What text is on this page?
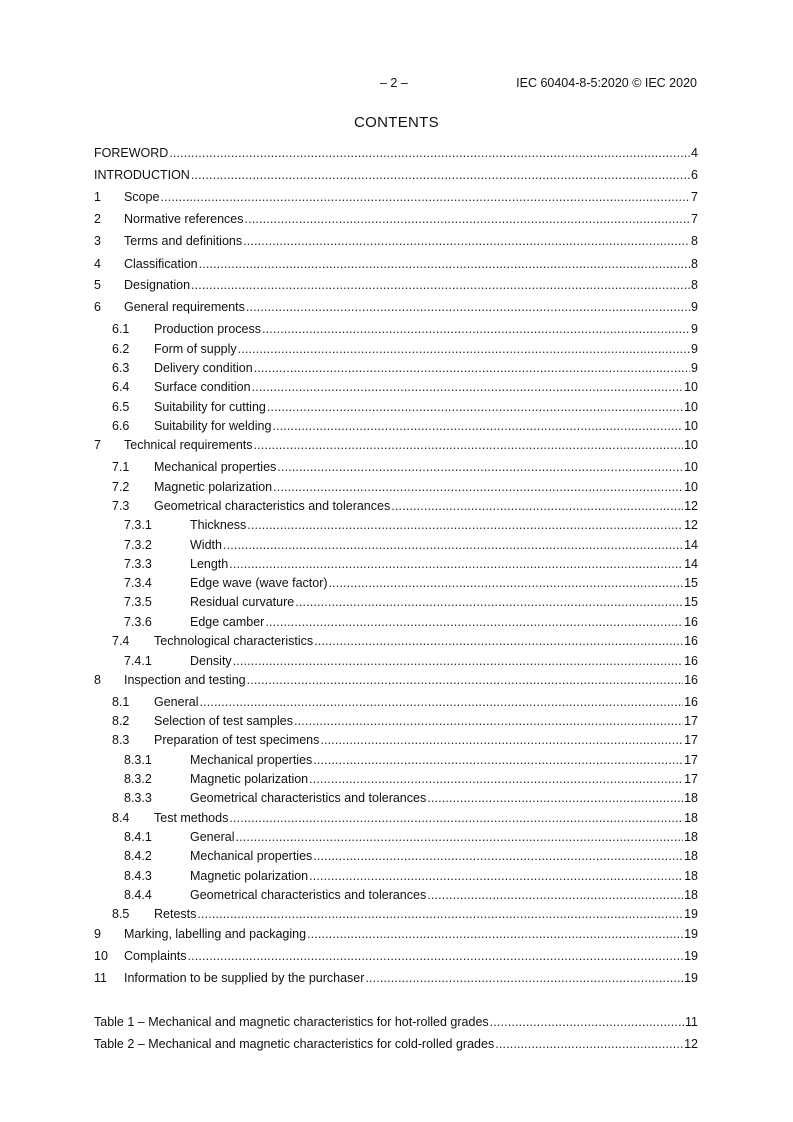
– 2 –	IEC 60404-8-5:2020 © IEC 2020
CONTENTS
FOREWORD .....	4
INTRODUCTION .....	6
1	Scope .....	7
2	Normative references .....	7
3	Terms and definitions .....	8
4	Classification .....	8
5	Designation .....	8
6	General requirements .....	9
6.1	Production process .....	9
6.2	Form of supply .....	9
6.3	Delivery condition .....	9
6.4	Surface condition .....	10
6.5	Suitability for cutting .....	10
6.6	Suitability for welding .....	10
7	Technical requirements .....	10
7.1	Mechanical properties .....	10
7.2	Magnetic polarization .....	10
7.3	Geometrical characteristics and tolerances .....	12
7.3.1	Thickness .....	12
7.3.2	Width .....	14
7.3.3	Length .....	14
7.3.4	Edge wave (wave factor) .....	15
7.3.5	Residual curvature .....	15
7.3.6	Edge camber .....	16
7.4	Technological characteristics .....	16
7.4.1	Density .....	16
8	Inspection and testing .....	16
8.1	General .....	16
8.2	Selection of test samples .....	17
8.3	Preparation of test specimens .....	17
8.3.1	Mechanical properties .....	17
8.3.2	Magnetic polarization .....	17
8.3.3	Geometrical characteristics and tolerances .....	18
8.4	Test methods .....	18
8.4.1	General .....	18
8.4.2	Mechanical properties .....	18
8.4.3	Magnetic polarization .....	18
8.4.4	Geometrical characteristics and tolerances .....	18
8.5	Retests .....	19
9	Marking, labelling and packaging .....	19
10	Complaints .....	19
11	Information to be supplied by the purchaser .....	19
Table 1 – Mechanical and magnetic characteristics for hot-rolled grades .....	11
Table 2 – Mechanical and magnetic characteristics for cold-rolled grades .....	12
